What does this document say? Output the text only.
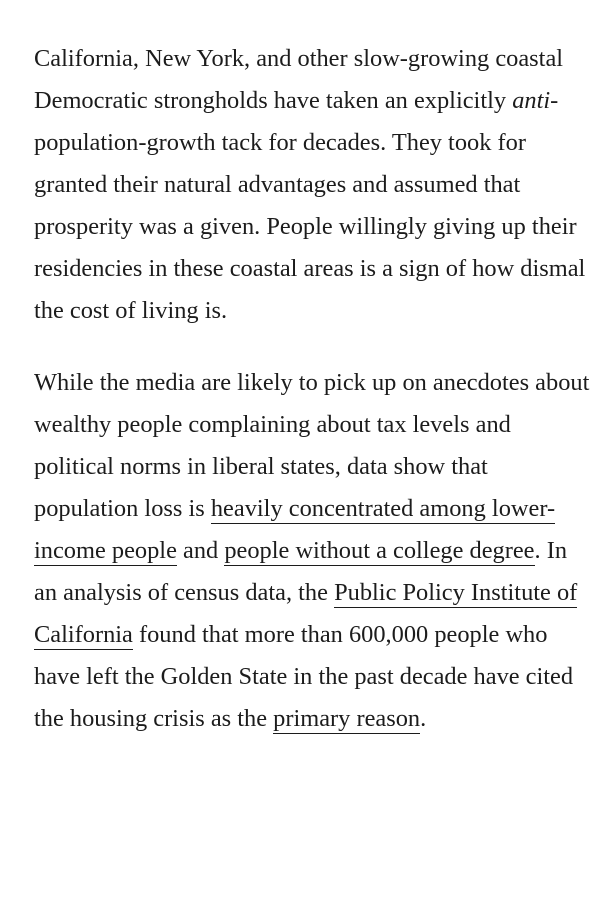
California, New York, and other slow-growing coastal Democratic strongholds have taken an explicitly anti-population-growth tack for decades. They took for granted their natural advantages and assumed that prosperity was a given. People willingly giving up their residencies in these coastal areas is a sign of how dismal the cost of living is.

While the media are likely to pick up on anecdotes about wealthy people complaining about tax levels and political norms in liberal states, data show that population loss is heavily concentrated among lower-income people and people without a college degree. In an analysis of census data, the Public Policy Institute of California found that more than 600,000 people who have left the Golden State in the past decade have cited the housing crisis as the primary reason.
